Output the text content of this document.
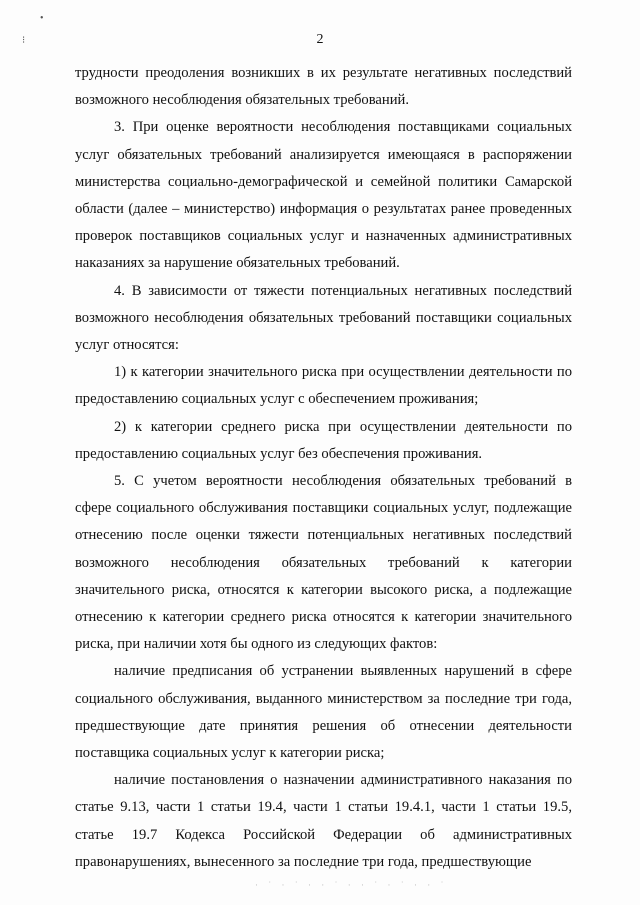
•
⁝	2

трудности преодоления возникших в их результате негативных последствий возможного несоблюдения обязательных требований.

3. При оценке вероятности несоблюдения поставщиками социальных услуг обязательных требований анализируется имеющаяся в распоряжении министерства социально-демографической и семейной политики Самарской области (далее – министерство) информация о результатах ранее проведенных проверок поставщиков социальных услуг и назначенных административных наказаниях за нарушение обязательных требований.

4. В зависимости от тяжести потенциальных негативных последствий возможного несоблюдения обязательных требований поставщики социальных услуг относятся:

1) к категории значительного риска при осуществлении деятельности по предоставлению социальных услуг с обеспечением проживания;

2) к категории среднего риска при осуществлении деятельности по предоставлению социальных услуг без обеспечения проживания.

5. С учетом вероятности несоблюдения обязательных требований в сфере социального обслуживания поставщики социальных услуг, подлежащие отнесению после оценки тяжести потенциальных негативных последствий возможного несоблюдения обязательных требований к категории значительного риска, относятся к категории высокого риска, а подлежащие отнесению к категории среднего риска относятся к категории значительного риска, при наличии хотя бы одного из следующих фактов:

наличие предписания об устранении выявленных нарушений в сфере социального обслуживания, выданного министерством за последние три года, предшествующие дате принятия решения об отнесении деятельности поставщика социальных услуг к категории риска;

наличие постановления о назначении административного наказания по статье 9.13, части 1 статьи 19.4, части 1 статьи 19.4.1, части 1 статьи 19.5, статье 19.7 Кодекса Российской Федерации об административных правонарушениях, вынесенного за последние три года, предшествующие

· ˙ · ˙ · · ˙ · · ˙ · ˙ · · ˙
